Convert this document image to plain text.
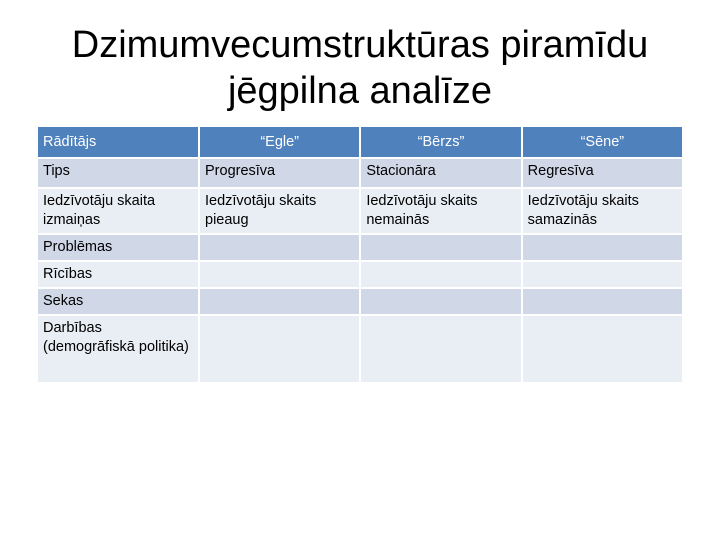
Dzimumvecumstruktūras piramīdu
jēgpilna analīze
Rādītājs	“Egle”	“Bērzs”	“Sēne”
Tips	Progresīva	Stacionāra	Regresīva
Iedzīvotāju skaita izmaiņas	Iedzīvotāju skaits pieaug	Iedzīvotāju skaits nemainās	Iedzīvotāju skaits samazinās
Problēmas			
Rīcības			
Sekas			
Darbības (demogrāfiskā politika)			
